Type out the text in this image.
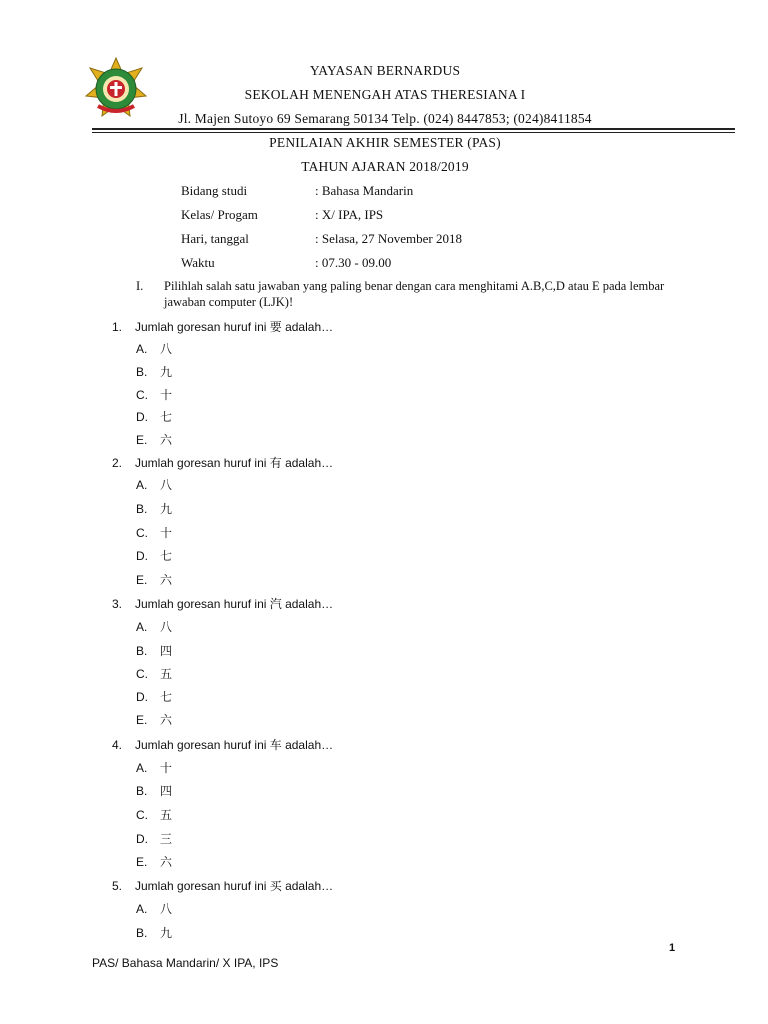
YAYASAN BERNARDUS
SEKOLAH MENENGAH ATAS THERESIANA I
Jl. Majen Sutoyo 69 Semarang 50134 Telp. (024) 8447853; (024)8411854
PENILAIAN AKHIR SEMESTER (PAS)
TAHUN AJARAN 2018/2019
Bidang studi	: Bahasa Mandarin
Kelas/ Progam	: X/ IPA, IPS
Hari, tanggal	: Selasa, 27 November 2018
Waktu	: 07.30 - 09.00
I. Pilihlah salah satu jawaban yang paling benar dengan cara menghitami A.B,C,D atau E pada lembar jawaban computer (LJK)!
1. Jumlah goresan huruf ini 要 adalah…
A. 八
B. 九
C. 十
D. 七
E. 六
2. Jumlah goresan huruf ini 有 adalah…
A. 八
B. 九
C. 十
D. 七
E. 六
3. Jumlah goresan huruf ini 汽 adalah…
A. 八
B. 四
C. 五
D. 七
E. 六
4. Jumlah goresan huruf ini 车 adalah…
A. 十
B. 四
C. 五
D. 三
E. 六
5. Jumlah goresan huruf ini 买 adalah…
A. 八
B. 九
1
PAS/ Bahasa Mandarin/ X IPA, IPS
